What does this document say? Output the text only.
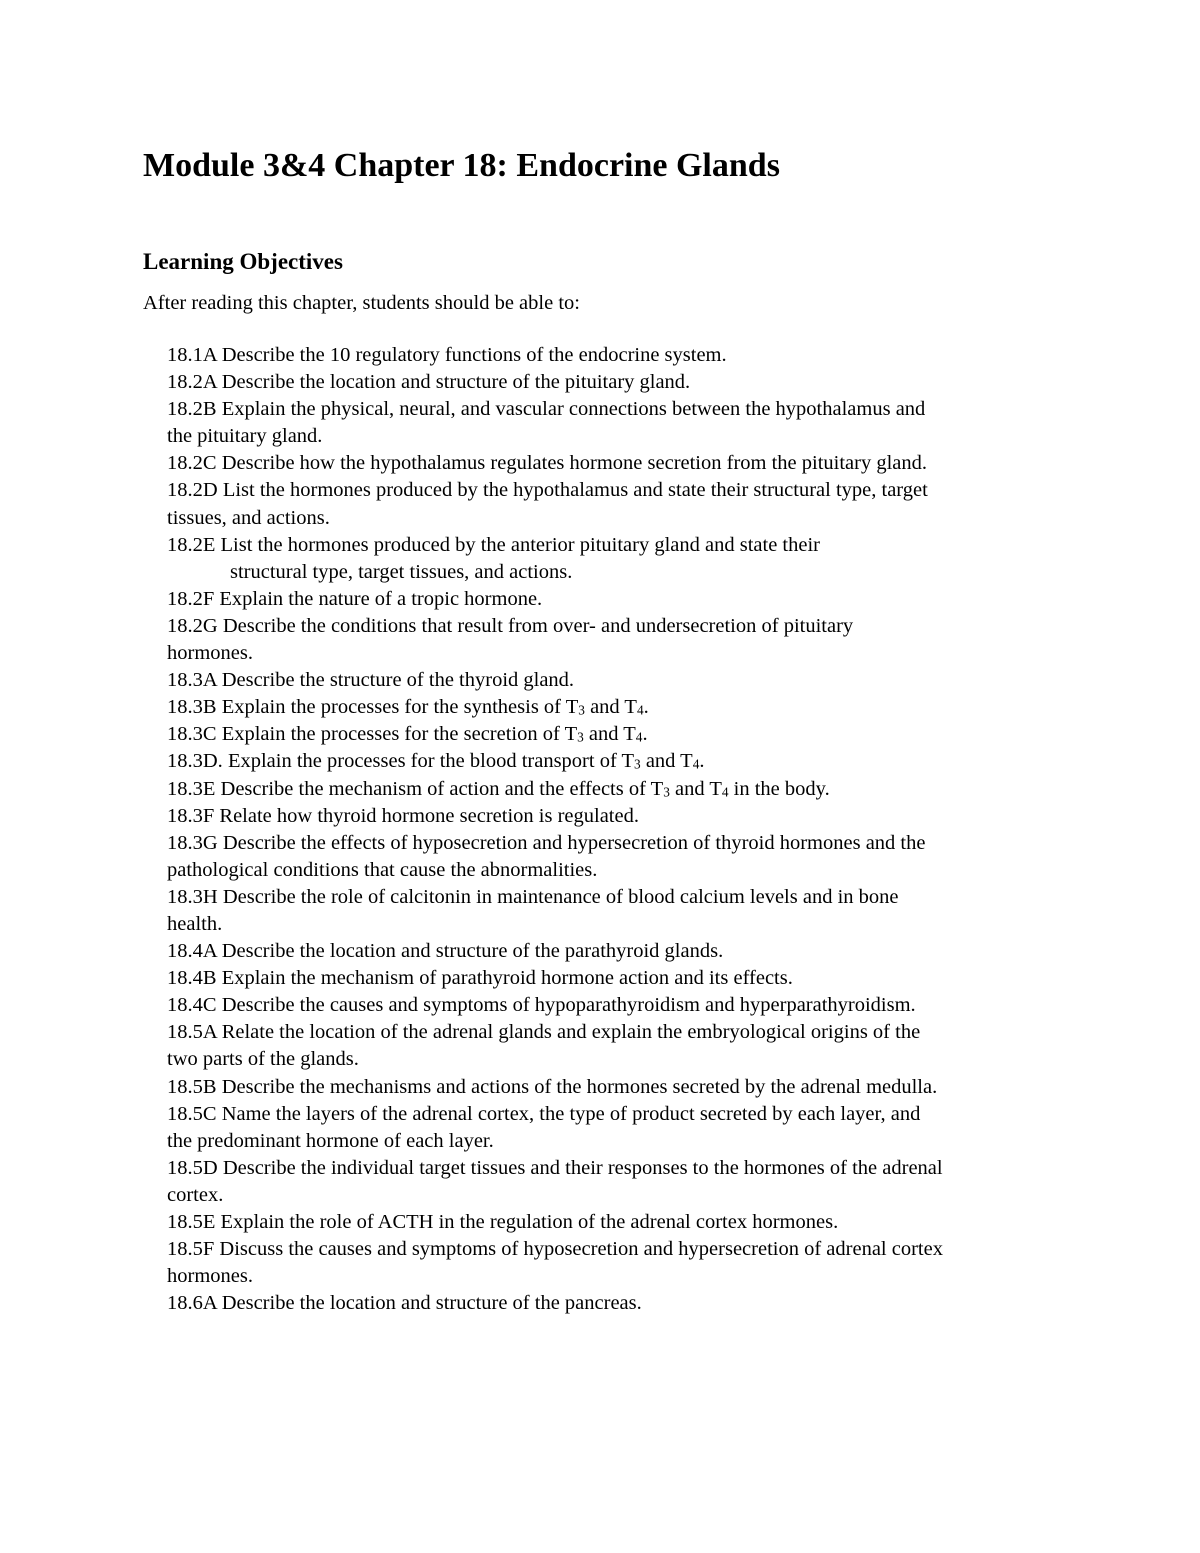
Module 3&4 Chapter 18: Endocrine Glands
Learning Objectives

After reading this chapter, students should be able to:

18.1A Describe the 10 regulatory functions of the endocrine system.
18.2A Describe the location and structure of the pituitary gland.
18.2B Explain the physical, neural, and vascular connections between the hypothalamus and
the pituitary gland.
18.2C Describe how the hypothalamus regulates hormone secretion from the pituitary gland.
18.2D List the hormones produced by the hypothalamus and state their structural type, target
tissues, and actions.
18.2E List the hormones produced by the anterior pituitary gland and state their
structural type, target tissues, and actions.
18.2F Explain the nature of a tropic hormone.
18.2G Describe the conditions that result from over- and undersecretion of pituitary
hormones.
18.3A Describe the structure of the thyroid gland.
18.3B Explain the processes for the synthesis of $T_3$ and $T_4$.
18.3C Explain the processes for the secretion of $T_3$ and $T_4$.
18.3D. Explain the processes for the blood transport of $T_3$ and $T_4$.
18.3E Describe the mechanism of action and the effects of $T_3$ and $T_4$ in the body.
18.3F Relate how thyroid hormone secretion is regulated.
18.3G Describe the effects of hyposecretion and hypersecretion of thyroid hormones and the
pathological conditions that cause the abnormalities.
18.3H Describe the role of calcitonin in maintenance of blood calcium levels and in bone
health.
18.4A Describe the location and structure of the parathyroid glands.
18.4B Explain the mechanism of parathyroid hormone action and its effects.
18.4C Describe the causes and symptoms of hypoparathyroidism and hyperparathyroidism.
18.5A Relate the location of the adrenal glands and explain the embryological origins of the
two parts of the glands.
18.5B Describe the mechanisms and actions of the hormones secreted by the adrenal medulla.
18.5C Name the layers of the adrenal cortex, the type of product secreted by each layer, and
the predominant hormone of each layer.
18.5D Describe the individual target tissues and their responses to the hormones of the adrenal
cortex.
18.5E Explain the role of ACTH in the regulation of the adrenal cortex hormones.
18.5F Discuss the causes and symptoms of hyposecretion and hypersecretion of adrenal cortex
hormones.
18.6A Describe the location and structure of the pancreas.
